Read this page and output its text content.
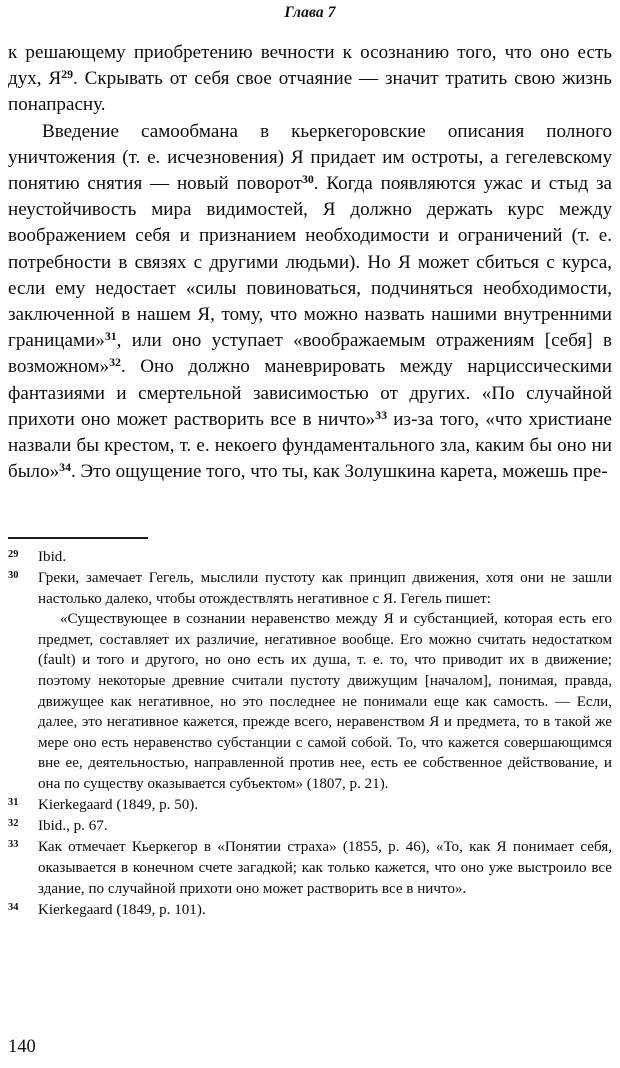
Глава 7

к решающему приобретению вечности к осознанию того, что оно есть дух, Я$^{29}$. Скрывать от себя свое отчаяние — значит тратить свою жизнь понапрасну.

Введение самообмана в кьеркегоровские описания полного уничтожения (т. е. исчезновения) Я придает им остроты, а гегелевскому понятию снятия — новый поворот$^{30}$. Когда появляются ужас и стыд за неустойчивость мира видимостей, Я должно держать курс между воображением себя и признанием необходимости и ограничений (т. е. потребности в связях с другими людьми). Но Я может сбиться с курса, если ему недостает «силы повиноваться, подчиняться необходимости, заключенной в нашем Я, тому, что можно назвать нашими внутренними границами»$^{31}$, или оно уступает «воображаемым отражениям [себя] в возможном»$^{32}$. Оно должно маневрировать между нарциссическими фантазиями и смертельной зависимостью от других. «По случайной прихоти оно может растворить все в ничто»$^{33}$ из-за того, «что христиане назвали бы крестом, т. е. некоего фундаментального зла, каким бы оно ни было»$^{34}$. Это ощущение того, что ты, как Золушкина карета, можешь пре-

29	Ibid.
30	Греки, замечает Гегель, мыслили пустоту как принцип движения, хотя они не зашли настолько далеко, чтобы отождествлять негативное с Я. Гегель пишет:
«Существующее в сознании неравенство между Я и субстанцией, которая есть его предмет, составляет их различие, негативное вообще. Его можно считать недостатком (fault) и того и другого, но оно есть их душа, т. е. то, что приводит их в движение; поэтому некоторые древние считали пустоту движущим [началом], понимая, правда, движущее как негативное, но это последнее не понимали еще как самость. — Если, далее, это негативное кажется, прежде всего, неравенством Я и предмета, то в такой же мере оно есть неравенство субстанции с самой собой. То, что кажется совершающимся вне ее, деятельностью, направленной против нее, есть ее собственное действование, и она по существу оказывается субъектом» (1807, p. 21).
31	Kierkegaard (1849, p. 50).
32	Ibid., p. 67.
33	Как отмечает Кьеркегор в «Понятии страха» (1855, p. 46), «То, как Я понимает себя, оказывается в конечном счете загадкой; как только кажется, что оно уже выстроило все здание, по случайной прихоти оно может растворить все в ничто».
34	Kierkegaard (1849, p. 101).
140
